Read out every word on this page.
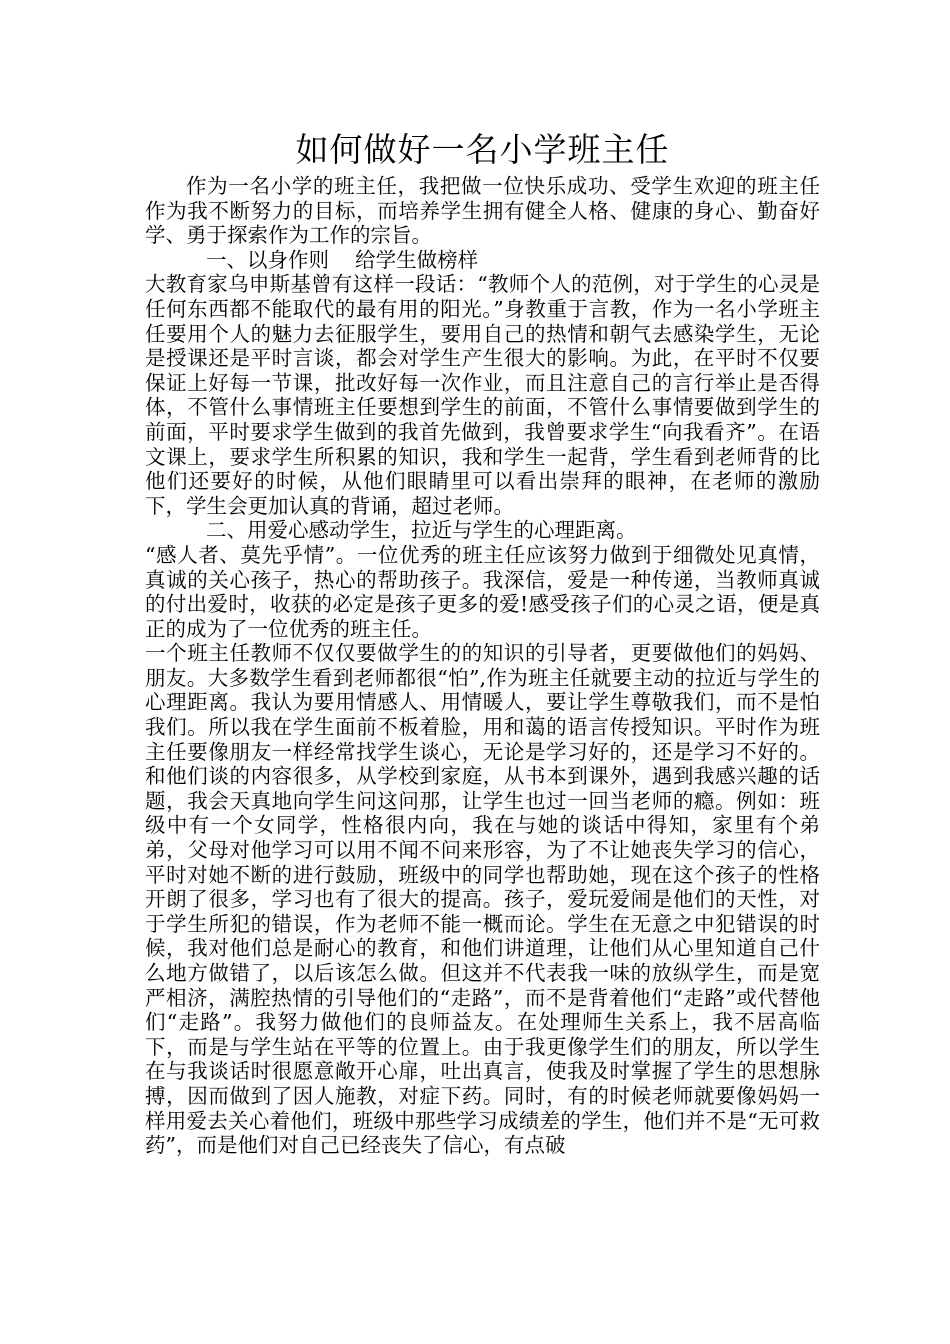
如何做好一名小学班主任

作为一名小学的班主任，我把做一位快乐成功、受学生欢迎的班主任作为我不断努力的目标，而培养学生拥有健全人格、健康的身心、勤奋好学、勇于探索作为工作的宗旨。

一、以身作则    给学生做榜样

大教育家乌申斯基曾有这样一段话：“教师个人的范例，对于学生的心灵是任何东西都不能取代的最有用的阳光。”身教重于言教，作为一名小学班主任要用个人的魅力去征服学生，要用自己的热情和朝气去感染学生，无论是授课还是平时言谈，都会对学生产生很大的影响。为此，在平时不仅要保证上好每一节课，批改好每一次作业，而且注意自己的言行举止是否得体，不管什么事情班主任要想到学生的前面，不管什么事情要做到学生的前面，平时要求学生做到的我首先做到，我曾要求学生“向我看齐”。在语文课上，要求学生所积累的知识，我和学生一起背，学生看到老师背的比他们还要好的时候，从他们眼睛里可以看出崇拜的眼神，在老师的激励下，学生会更加认真的背诵，超过老师。

二、用爱心感动学生，拉近与学生的心理距离。

“感人者、莫先乎情”。一位优秀的班主任应该努力做到于细微处见真情，真诚的关心孩子，热心的帮助孩子。我深信，爱是一种传递，当教师真诚的付出爱时，收获的必定是孩子更多的爱!感受孩子们的心灵之语，便是真正的成为了一位优秀的班主任。

一个班主任教师不仅仅要做学生的的知识的引导者，更要做他们的妈妈、朋友。大多数学生看到老师都很“怕”,作为班主任就要主动的拉近与学生的心理距离。我认为要用情感人、用情暖人，要让学生尊敬我们，而不是怕我们。所以我在学生面前不板着脸，用和蔼的语言传授知识。平时作为班主任要像朋友一样经常找学生谈心，无论是学习好的，还是学习不好的。和他们谈的内容很多，从学校到家庭，从书本到课外，遇到我感兴趣的话题，我会天真地向学生问这问那，让学生也过一回当老师的瘾。例如：班级中有一个女同学，性格很内向，我在与她的谈话中得知，家里有个弟弟，父母对他学习可以用不闻不问来形容，为了不让她丧失学习的信心，平时对她不断的进行鼓励，班级中的同学也帮助她，现在这个孩子的性格开朗了很多，学习也有了很大的提高。孩子，爱玩爱闹是他们的天性，对于学生所犯的错误，作为老师不能一概而论。学生在无意之中犯错误的时候，我对他们总是耐心的教育，和他们讲道理，让他们从心里知道自己什么地方做错了，以后该怎么做。但这并不代表我一味的放纵学生，而是宽严相济，满腔热情的引导他们的“走路”，而不是背着他们“走路”或代替他们“走路”。我努力做他们的良师益友。在处理师生关系上，我不居高临下，而是与学生站在平等的位置上。由于我更像学生们的朋友，所以学生在与我谈话时很愿意敞开心扉，吐出真言，使我及时掌握了学生的思想脉搏，因而做到了因人施教，对症下药。同时，有的时候老师就要像妈妈一样用爱去关心着他们，班级中那些学习成绩差的学生，他们并不是“无可救药”，而是他们对自己已经丧失了信心，有点破
